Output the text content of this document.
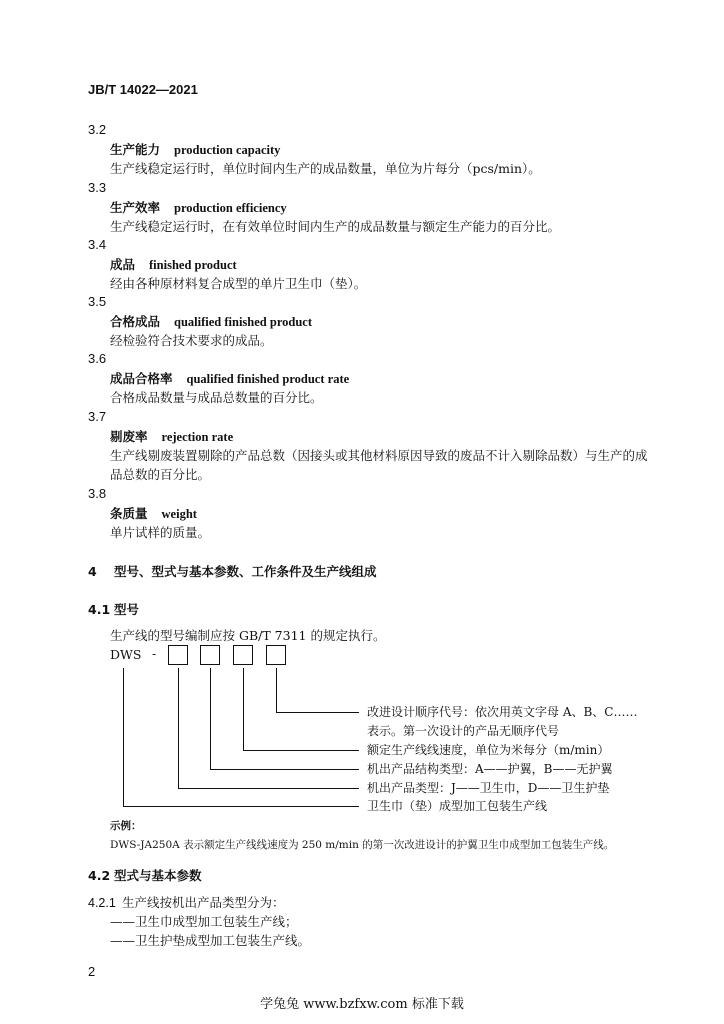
JB/T 14022—2021
3.2
生产能力 production capacity
生产线稳定运行时，单位时间内生产的成品数量，单位为片每分（pcs/min）。
3.3
生产效率 production efficiency
生产线稳定运行时，在有效单位时间内生产的成品数量与额定生产能力的百分比。
3.4
成品 finished product
经由各种原材料复合成型的单片卫生巾（垫）。
3.5
合格成品 qualified finished product
经检验符合技术要求的成品。
3.6
成品合格率 qualified finished product rate
合格成品数量与成品总数量的百分比。
3.7
剔废率 rejection rate
生产线剔废装置剔除的产品总数（因接头或其他材料原因导致的废品不计入剔除品数）与生产的成
品总数的百分比。
3.8
条质量 weight
单片试样的质量。
4 型号、型式与基本参数、工作条件及生产线组成
4.1 型号
生产线的型号编制应按 GB/T 7311 的规定执行。
DWS -
改进设计顺序代号：依次用英文字母 A、B、C……
表示。第一次设计的产品无顺序代号
额定生产线线速度，单位为米每分（m/min）
机出产品结构类型：A——护翼，B——无护翼
机出产品类型：J——卫生巾，D——卫生护垫
卫生巾（垫）成型加工包装生产线
示例：
DWS-JA250A 表示额定生产线线速度为 250 m/min 的第一次改进设计的护翼卫生巾成型加工包装生产线。
4.2 型式与基本参数
4.2.1 生产线按机出产品类型分为：
——卫生巾成型加工包装生产线；
——卫生护垫成型加工包装生产线。
2
学兔兔 www.bzfxw.com 标准下载
